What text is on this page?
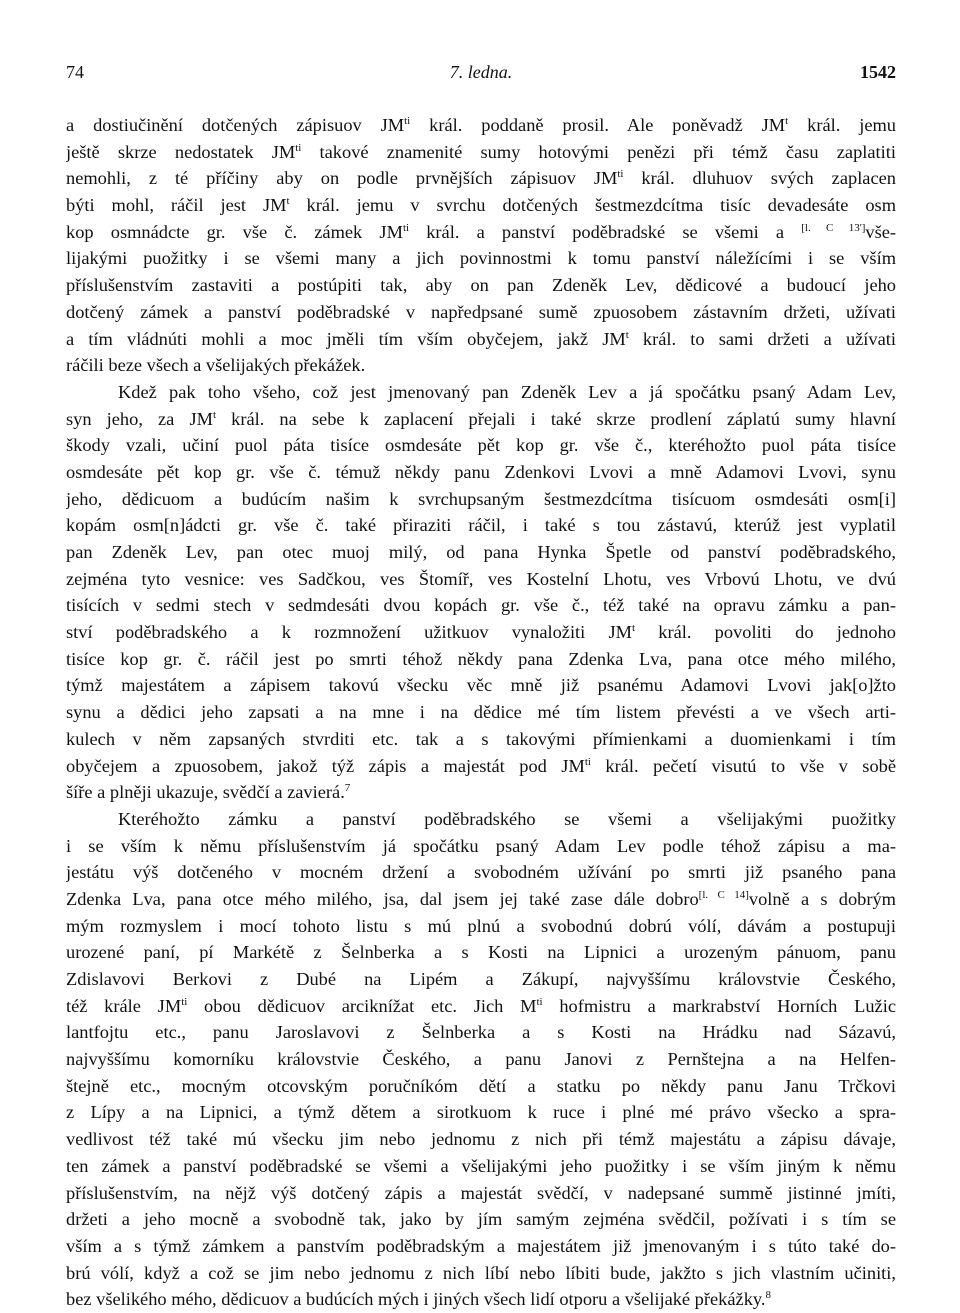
74	7. ledna.	1542
a dostiučinění dotčených zápisuov $JM^{ti}$ král. poddaně prosil. Ale poněvadž $JM^t$ král. jemu
ještě skrze nedostatek $JM^{ti}$ takové znamenité sumy hotovými penězi při témž času zaplatiti
nemohli, z té příčiny aby on podle prvnějších zápisuov $JM^{ti}$ král. dluhuov svých zaplacen
býti mohl, ráčil jest $JM^t$ král. jemu v svrchu dotčených šestmezdcítma tisíc devadesáte osm
kop osmnádcte gr. vše č. zámek $JM^{ti}$ král. a panství poděbradské se všemi a [l. C 13']vše-
lijakými puožitky i se všemi many a jich povinnostmi k tomu panství náležícími i se vším
příslušenstvím zastaviti a postúpiti tak, aby on pan Zdeněk Lev, dědicové a budoucí jeho
dotčený zámek a panství poděbradské v napředpsané sumě zpuosobem zástavním držeti, užívati
a tím vládnúti mohli a moc jměli tím vším obyčejem, jakž $JM^t$ král. to sami držeti a užívati
ráčili beze všech a všelijakých překážek.
Kdež pak toho všeho, což jest jmenovaný pan Zdeněk Lev a já spočátku psaný Adam Lev,
syn jeho, za $JM^t$ král. na sebe k zaplacení přejali i také skrze prodlení záplatú sumy hlavní
škody vzali, učiní puol páta tisíce osmdesáte pět kop gr. vše č., kteréhožto puol páta tisíce
osmdesáte pět kop gr. vše č. témuž někdy panu Zdenkovi Lvovi a mně Adamovi Lvovi, synu
jeho, dědicuom a budúcím našim k svrchupsaným šestmezdcítma tisícuom osmdesáti osm[i]
kopám osm[n]ádcti gr. vše č. také přiraziti ráčil, i také s tou zástavú, kterúž jest vyplatil
pan Zdeněk Lev, pan otec muoj milý, od pana Hynka Špetle od panství poděbradského,
zejména tyto vesnice: ves Sadčkou, ves Štomíř, ves Kostelní Lhotu, ves Vrbovú Lhotu, ve dvú
tisících v sedmi stech v sedmdesáti dvou kopách gr. vše č., též také na opravu zámku a pan-
ství poděbradského a k rozmnožení užitkuov vynaložiti $JM^t$ král. povoliti do jednoho
tisíce kop gr. č. ráčil jest po smrti téhož někdy pana Zdenka Lva, pana otce mého milého,
týmž majestátem a zápisem takovú všecku věc mně již psanému Adamovi Lvovi jak[o]žto
synu a dědici jeho zapsati a na mne i na dědice mé tím listem převésti a ve všech arti-
kulech v něm zapsaných stvrditi etc. tak a s takovými přímienkami a duomienkami i tím
obyčejem a zpuosobem, jakož týž zápis a majestát pod $JM^{ti}$ král. pečetí visutú to vše v sobě
šíře a plněji ukazuje, svědčí a zavierá.$^7$
Kteréhožto zámku a panství poděbradského se všemi a všelijakými puožitky
i se vším k němu příslušenstvím já spočátku psaný Adam Lev podle téhož zápisu a ma-
jestátu výš dotčeného v mocném držení a svobodném užívání po smrti již psaného pana
Zdenka Lva, pana otce mého milého, jsa, dal jsem jej také zase dále dobro[l. C 14]volně a s dobrým
mým rozmyslem i mocí tohoto listu s mú plnú a svobodnú dobrú vólí, dávám a postupuji
urozené paní, pí Markétě z Šelnberka a s Kosti na Lipnici a urozeným pánuom, panu
Zdislavovi Berkovi z Dubé na Lipém a Zákupí, najvyššímu královstvie Českého,
též králе $JM^{ti}$ obou dědicuov arciknížat etc. Jich $M^{ti}$ hofmistru a markrabství Horních Lužic
lantfojtu etc., panu Jaroslavovi z Šelnberka a s Kosti na Hrádku nad Sázavú,
najvyššímu komorníku královstvie Českého, a panu Janovi z Pernštejna a na Helfen-
štejně etc., mocným otcovským poručníkóm dětí a statku po někdy panu Janu Trčkovi
z Lípy a na Lipnici, a týmž dětem a sirotkuom k ruce i plné mé právo všecko a spra-
vedlivost též také mú všecku jim nebo jednomu z nich při témž majestátu a zápisu dávaje,
ten zámek a panství poděbradské se všemi a všelijakými jeho puožitky i se vším jiným k němu
příslušenstvím, na nějž výš dotčený zápis a majestát svědčí, v nadepsané summě jistinné jmíti,
držeti a jeho mocně a svobodně tak, jako by jím samým zejména svědčil, požívati i s tím se
vším a s týmž zámkem a panstvím poděbradským a majestátem již jmenovaným i s túto také do-
brú vólí, když a což se jim nebo jednomu z nich líbí nebo líbiti bude, jakžto s jich vlastním učiniti,
bez všelikého mého, dědicuov a budúcích mých i jiných všech lidí otporu a všelijaké překážky.$^8$
